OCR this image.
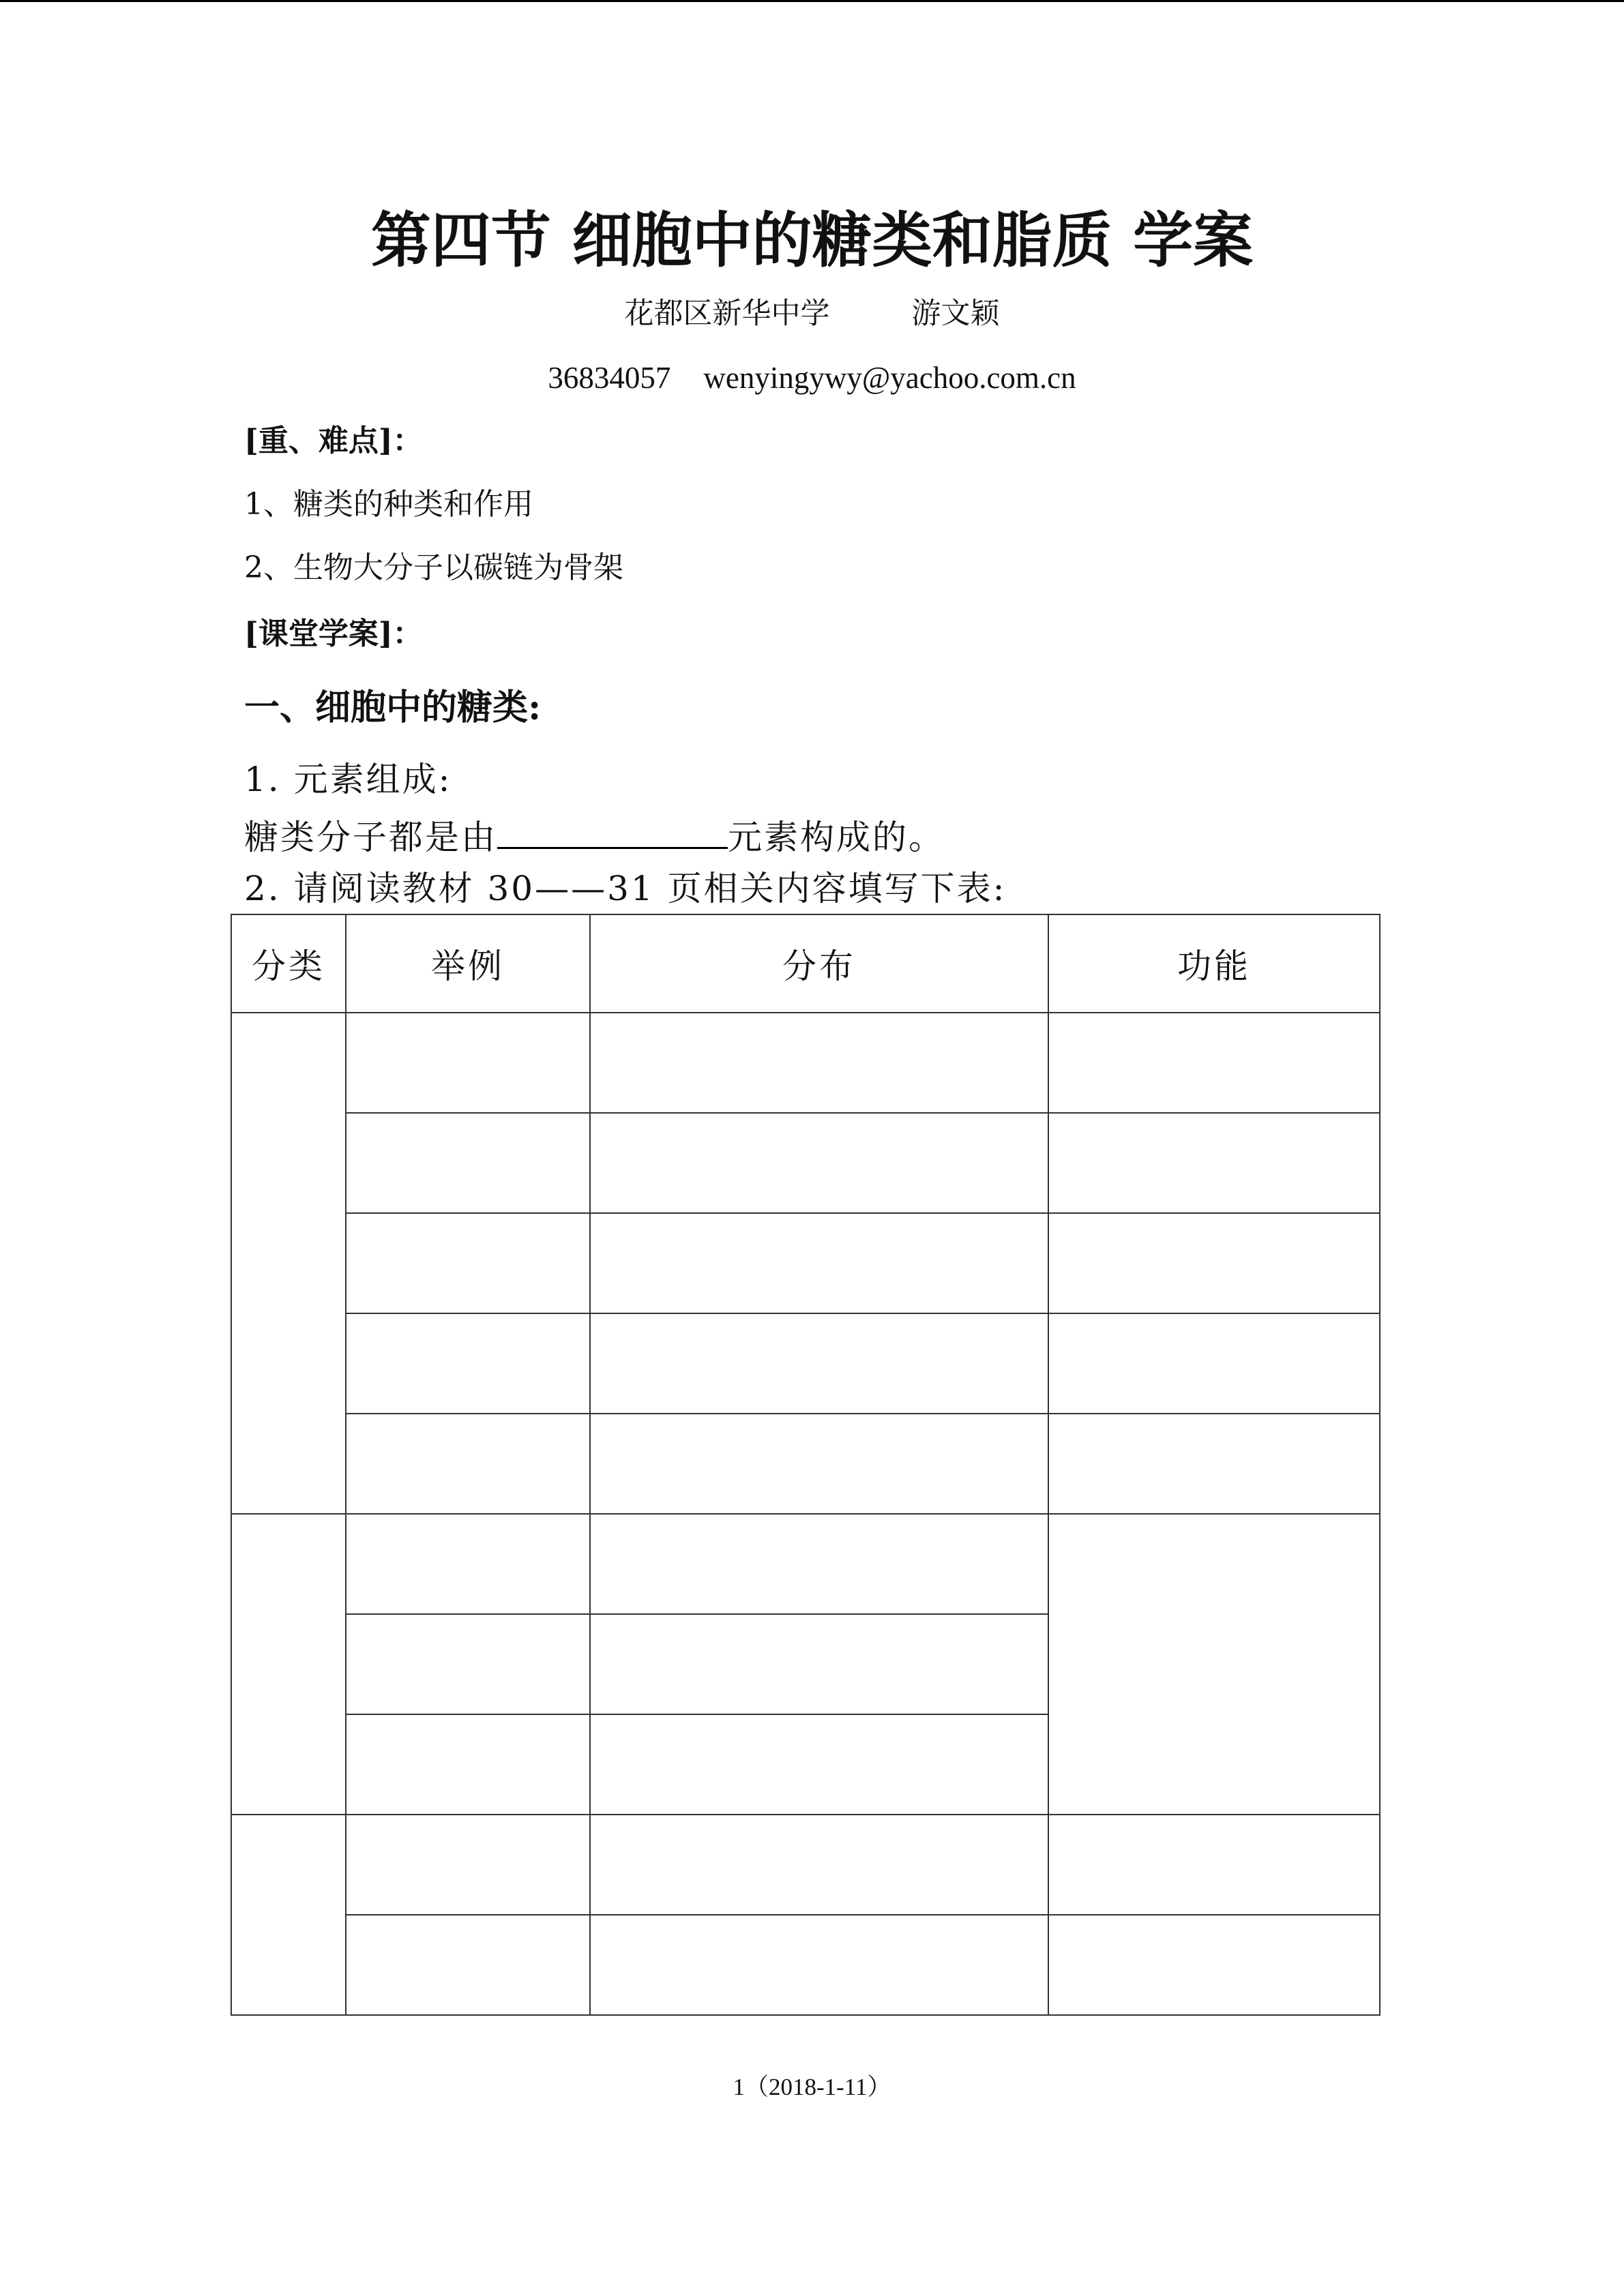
第四节 细胞中的糖类和脂质 学案
花都区新华中学	游文颖
36834057 wenyingywy@yachoo.com.cn
[重、难点]：
1、糖类的种类和作用
2、生物大分子以碳链为骨架
[课堂学案]：
一、细胞中的糖类:
1. 元素组成:
糖类分子都是由	元素构成的。
2. 请阅读教材 30——31 页相关内容填写下表:
分类	举例	分布	功能

1（2018-1-11）
